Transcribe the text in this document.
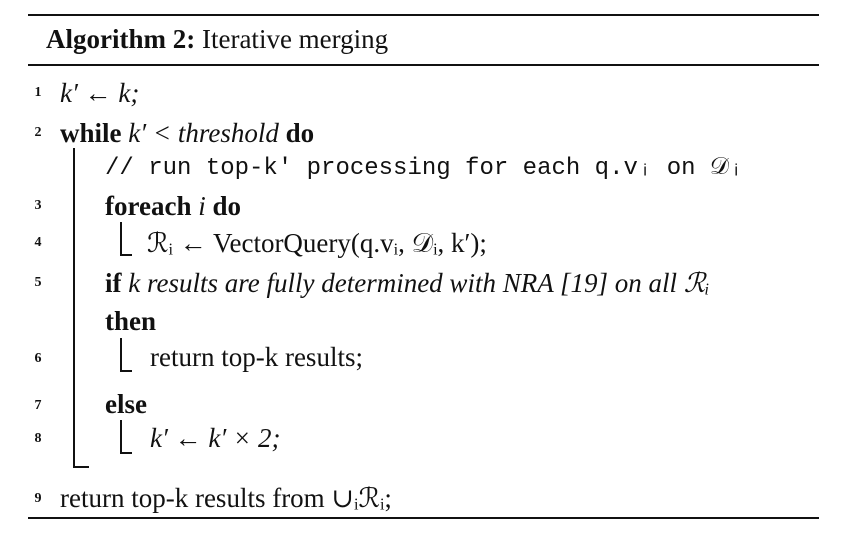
Algorithm 2: Iterative merging
1
2
3
4
5
6
7
8
9
k′ ← k;
while k′ < threshold do
// run top-k′ processing for each q.vᵢ on 𝒟ᵢ
foreach i do
ℛᵢ ← VectorQuery(q.vᵢ, 𝒟ᵢ, k′);
if k results are fully determined with NRA [19] on all ℛᵢ
then
return top-k results;
else
k′ ← k′ × 2;
return top-k results from ∪ᵢℛᵢ;
